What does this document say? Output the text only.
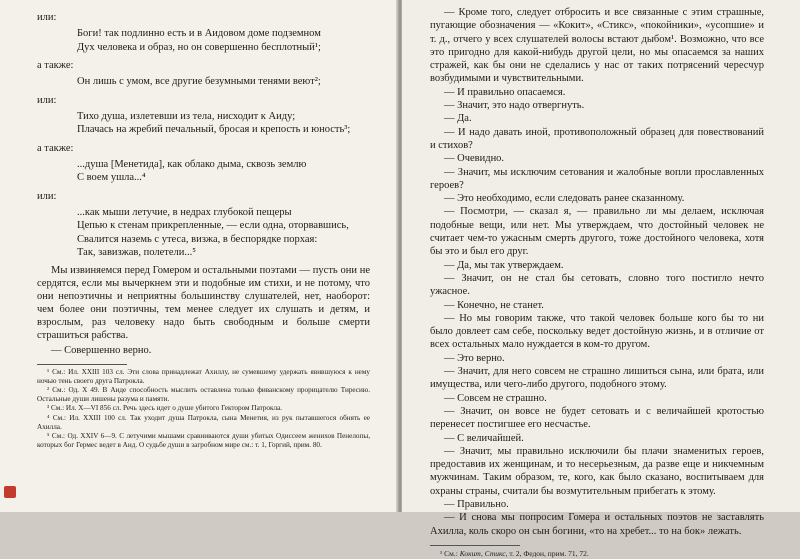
или:
Боги! так подлинно есть и в Аидовом доме подземном
Дух человека и образ, но он совершенно бесплотный¹;
а также:
Он лишь с умом, все другие безумными тенями веют²;
или:
Тихо душа, излетевши из тела, нисходит к Аиду;
Плачась на жребий печальный, бросая и крепость и юность³;
а также:
...душа [Менетида], как облако дыма, сквозь землю
С воем ушла...⁴
или:
...как мыши летучие, в недрах глубокой пещеры
Цепью к стенам прикрепленные, — если одна, оторвавшись,
Свалится наземь с утеса, визжа, в беспорядке порхая:
Так, завизжав, полетели...⁵

Мы извиняемся перед Гомером и остальными поэтами — пусть они не сердятся, если мы вычеркнем эти и подобные им стихи, и не потому, что они непоэтичны и неприятны большинству слушателей, нет, наоборот: чем более они поэтичны, тем менее следует их слушать и детям, и взрослым, раз человеку надо быть свободным и больше смерти страшиться рабства.

— Совершенно верно.

¹ См.: Ил. XXIII 103 сл. Эти слова принадлежат Ахиллу, не сумевшему удержать явившуюся к нему ночью тень своего друга Патрокла.

² См.: Од. X 49. В Аиде способность мыслить оставлена только фиванскому прорицателю Тиресию. Остальные души лишены разума и памяти.

³ См.: Ил. X—VI 856 сл. Речь здесь идет о душе убитого Гектором Патрокла.

⁴ См.: Ил. XXIII 100 сл. Так уходит душа Патрокла, сына Менетия, из рук пытавшегося обнять ее Ахилла.

⁵ См.: Од. XXIV 6—9. С летучими мышами сравниваются души убитых Одиссеем женихов Пенелопы, которых бог Гермес ведет в Аид. О судьбе души в загробном мире см.: т. 1, Горгий, прим. 80.

— Кроме того, следует отбросить и все связанные с этим страшные, пугающие обозначения — «Кокит», «Стикс», «покойники», «усопшие» и т. д., отчего у всех слушателей волосы встают дыбом¹. Возможно, что все это пригодно для какой-нибудь другой цели, но мы опасаемся за наших стражей, как бы они не сделались у нас от таких потрясений чересчур возбудимыми и чувствительными.

— И правильно опасаемся.

— Значит, это надо отвергнуть.

— Да.

— И надо давать иной, противоположный образец для повествований и стихов?

— Очевидно.

— Значит, мы исключим сетования и жалобные вопли прославленных героев?

— Это необходимо, если следовать ранее сказанному.

— Посмотри, — сказал я, — правильно ли мы делаем, исключая подобные вещи, или нет. Мы утверждаем, что достойный человек не считает чем-то ужасным смерть другого, тоже достойного человека, хотя бы это и был его друг.

— Да, мы так утверждаем.

— Значит, он не стал бы сетовать, словно того постигло нечто ужасное.

— Конечно, не станет.

— Но мы говорим также, что такой человек больше кого бы то ни было довлеет сам себе, поскольку ведет достойную жизнь, и в отличие от всех остальных мало нуждается в ком-то другом.

— Это верно.

— Значит, для него совсем не страшно лишиться сына, или брата, или имущества, или чего-либо другого, подобного этому.

— Совсем не страшно.

— Значит, он вовсе не будет сетовать и с величайшей кротостью перенесет постигшее его несчастье.

— С величайшей.

— Значит, мы правильно исключили бы плачи знаменитых героев, предоставив их женщинам, и то несерьезным, да разве еще и никчемным мужчинам. Таким образом, те, кого, как было сказано, воспитываем для охраны страны, считали бы возмутительным прибегать к этому.

— Правильно.

— И снова мы попросим Гомера и остальных поэтов не заставлять Ахилла, коль скоро он сын богини, «то на хребет... то на бок» лежать.

¹ См.: Кокит, Стикс, т. 2, Федон, прим. 71, 72.
